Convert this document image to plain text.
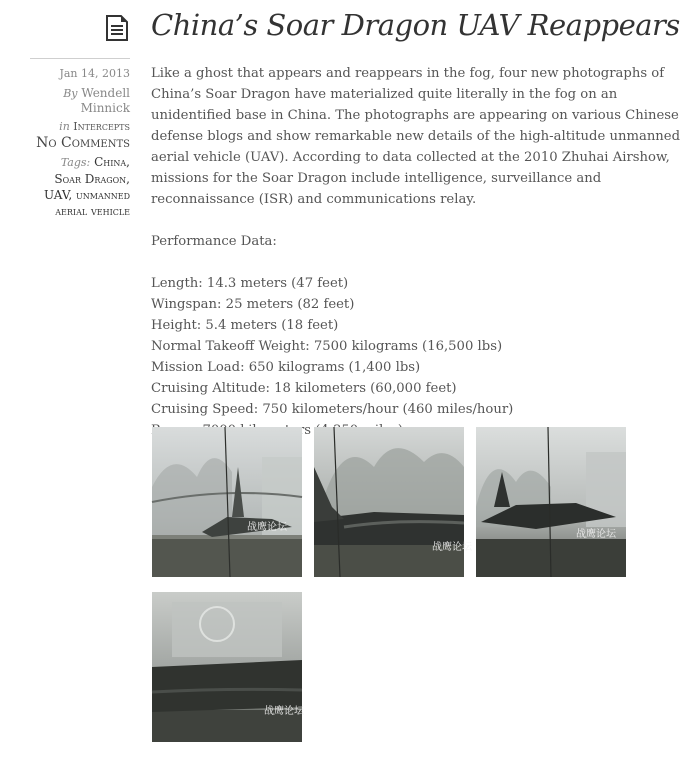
China’s Soar Dragon UAV Reappears
Jan 14, 2013
By Wendell
Minnick
in Intercepts
No Comments
Tags: China,
Soar Dragon,
UAV, unmanned
aerial vehicle

Like a ghost that appears and reappears in the fog, four new photographs of China’s Soar Dragon have materialized quite literally in the fog on an unidentified base in China. The photographs are appearing on various Chinese defense blogs and show remarkable new details of the high-altitude unmanned aerial vehicle (UAV). According to data collected at the 2010 Zhuhai Airshow, missions for the Soar Dragon include intelligence, surveillance and reconnaissance (ISR) and communications relay.

Performance Data:

Length: 14.3 meters (47 feet)
Wingspan: 25 meters (82 feet)
Height: 5.4 meters (18 feet)
Normal Takeoff Weight: 7500 kilograms (16,500 lbs)
Mission Load: 650 kilograms (1,400 lbs)
Cruising Altitude: 18 kilometers (60,000 feet)
Cruising Speed: 750 kilometers/hour (460 miles/hour)
战鹰论坛
战鹰论坛
战鹰论坛
战鹰论坛
